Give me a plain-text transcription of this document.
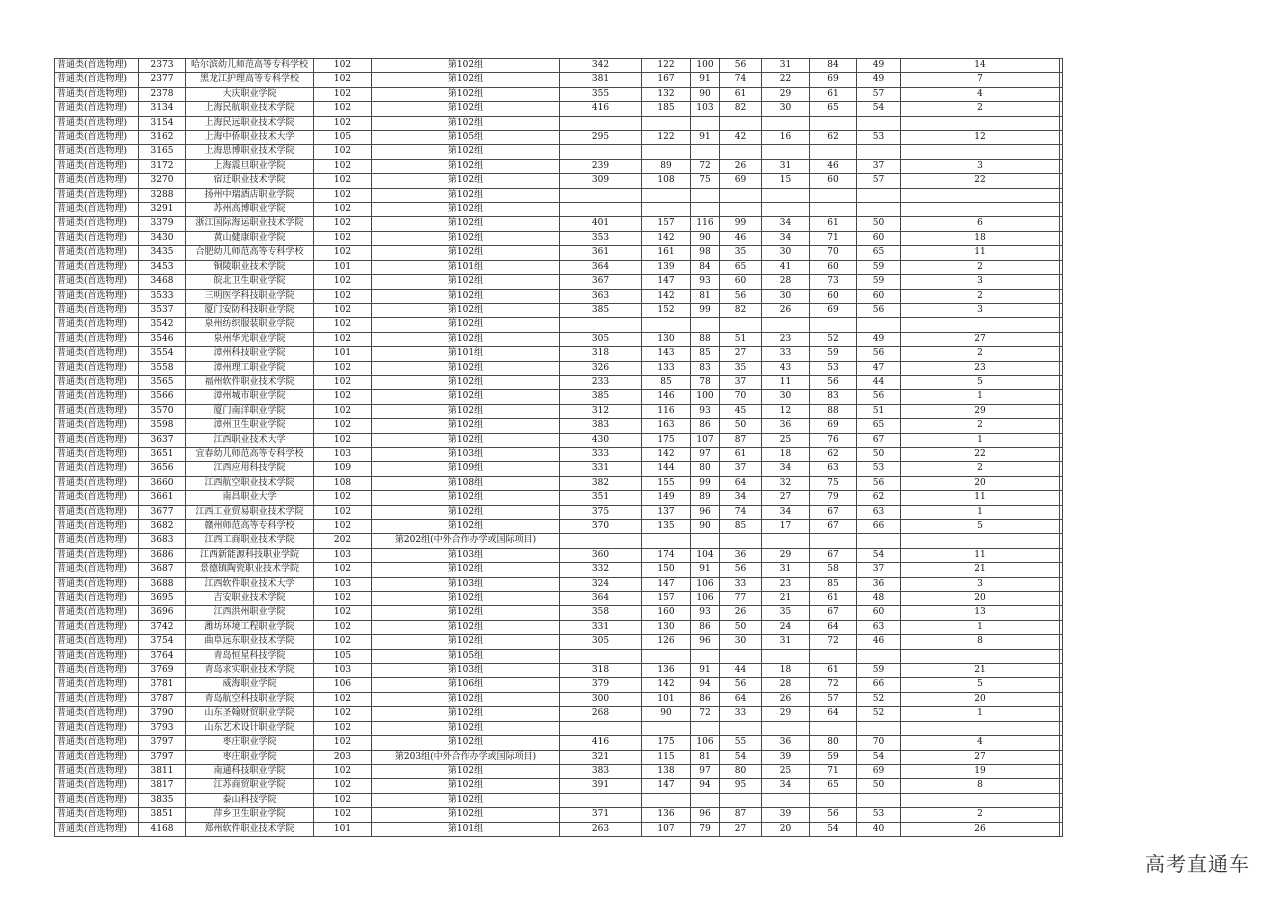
普通类(首选物理)	2373	哈尔滨幼儿师范高等专科学校	102	第102组	342	122	100	56	31	84	49	14	
普通类(首选物理)	2377	黑龙江护理高等专科学校	102	第102组	381	167	91	74	22	69	49	7	
普通类(首选物理)	2378	大庆职业学院	102	第102组	355	132	90	61	29	61	57	4	
普通类(首选物理)	3134	上海民航职业技术学院	102	第102组	416	185	103	82	30	65	54	2	
普通类(首选物理)	3154	上海民远职业技术学院	102	第102组									
普通类(首选物理)	3162	上海中侨职业技术大学	105	第105组	295	122	91	42	16	62	53	12	
普通类(首选物理)	3165	上海思博职业技术学院	102	第102组									
普通类(首选物理)	3172	上海震旦职业学院	102	第102组	239	89	72	26	31	46	37	3	
普通类(首选物理)	3270	宿迁职业技术学院	102	第102组	309	108	75	69	15	60	57	22	
普通类(首选物理)	3288	扬州中瑞酒店职业学院	102	第102组									
普通类(首选物理)	3291	苏州高博职业学院	102	第102组									
普通类(首选物理)	3379	浙江国际海运职业技术学院	102	第102组	401	157	116	99	34	61	50	6	
普通类(首选物理)	3430	黄山健康职业学院	102	第102组	353	142	90	46	34	71	60	18	
普通类(首选物理)	3435	合肥幼儿师范高等专科学校	102	第102组	361	161	98	35	30	70	65	11	
普通类(首选物理)	3453	铜陵职业技术学院	101	第101组	364	139	84	65	41	60	59	2	
普通类(首选物理)	3468	皖北卫生职业学院	102	第102组	367	147	93	60	28	73	59	3	
普通类(首选物理)	3533	三明医学科技职业学院	102	第102组	363	142	81	56	30	60	60	2	
普通类(首选物理)	3537	厦门安防科技职业学院	102	第102组	385	152	99	82	26	69	56	3	
普通类(首选物理)	3542	泉州纺织服装职业学院	102	第102组									
普通类(首选物理)	3546	泉州华光职业学院	102	第102组	305	130	88	51	23	52	49	27	
普通类(首选物理)	3554	漳州科技职业学院	101	第101组	318	143	85	27	33	59	56	2	
普通类(首选物理)	3558	漳州理工职业学院	102	第102组	326	133	83	35	43	53	47	23	
普通类(首选物理)	3565	福州软件职业技术学院	102	第102组	233	85	78	37	11	56	44	5	
普通类(首选物理)	3566	漳州城市职业学院	102	第102组	385	146	100	70	30	83	56	1	
普通类(首选物理)	3570	厦门南洋职业学院	102	第102组	312	116	93	45	12	88	51	29	
普通类(首选物理)	3598	漳州卫生职业学院	102	第102组	383	163	86	50	36	69	65	2	
普通类(首选物理)	3637	江西职业技术大学	102	第102组	430	175	107	87	25	76	67	1	
普通类(首选物理)	3651	宜春幼儿师范高等专科学校	103	第103组	333	142	97	61	18	62	50	22	
普通类(首选物理)	3656	江西应用科技学院	109	第109组	331	144	80	37	34	63	53	2	
普通类(首选物理)	3660	江西航空职业技术学院	108	第108组	382	155	99	64	32	75	56	20	
普通类(首选物理)	3661	南昌职业大学	102	第102组	351	149	89	34	27	79	62	11	
普通类(首选物理)	3677	江西工业贸易职业技术学院	102	第102组	375	137	96	74	34	67	63	1	
普通类(首选物理)	3682	赣州师范高等专科学校	102	第102组	370	135	90	85	17	67	66	5	
普通类(首选物理)	3683	江西工商职业技术学院	202	第202组(中外合作办学或国际项目)									
普通类(首选物理)	3686	江西新能源科技职业学院	103	第103组	360	174	104	36	29	67	54	11	
普通类(首选物理)	3687	景德镇陶瓷职业技术学院	102	第102组	332	150	91	56	31	58	37	21	
普通类(首选物理)	3688	江西软件职业技术大学	103	第103组	324	147	106	33	23	85	36	3	
普通类(首选物理)	3695	吉安职业技术学院	102	第102组	364	157	106	77	21	61	48	20	
普通类(首选物理)	3696	江西洪州职业学院	102	第102组	358	160	93	26	35	67	60	13	
普通类(首选物理)	3742	潍坊环境工程职业学院	102	第102组	331	130	86	50	24	64	63	1	
普通类(首选物理)	3754	曲阜远东职业技术学院	102	第102组	305	126	96	30	31	72	46	8	
普通类(首选物理)	3764	青岛恒星科技学院	105	第105组									
普通类(首选物理)	3769	青岛求实职业技术学院	103	第103组	318	136	91	44	18	61	59	21	
普通类(首选物理)	3781	威海职业学院	106	第106组	379	142	94	56	28	72	66	5	
普通类(首选物理)	3787	青岛航空科技职业学院	102	第102组	300	101	86	64	26	57	52	20	
普通类(首选物理)	3790	山东圣翰财贸职业学院	102	第102组	268	90	72	33	29	64	52	1	
普通类(首选物理)	3793	山东艺术设计职业学院	102	第102组									
普通类(首选物理)	3797	枣庄职业学院	102	第102组	416	175	106	55	36	80	70	4	
普通类(首选物理)	3797	枣庄职业学院	203	第203组(中外合作办学或国际项目)	321	115	81	54	39	59	54	27	
普通类(首选物理)	3811	南通科技职业学院	102	第102组	383	138	97	80	25	71	69	19	
普通类(首选物理)	3817	江苏商贸职业学院	102	第102组	391	147	94	95	34	65	50	8	
普通类(首选物理)	3835	泰山科技学院	102	第102组									
普通类(首选物理)	3851	萍乡卫生职业学院	102	第102组	371	136	96	87	39	56	53	2	
普通类(首选物理)	4168	郑州软件职业技术学院	101	第101组	263	107	79	27	20	54	40	26	
高考直通车
